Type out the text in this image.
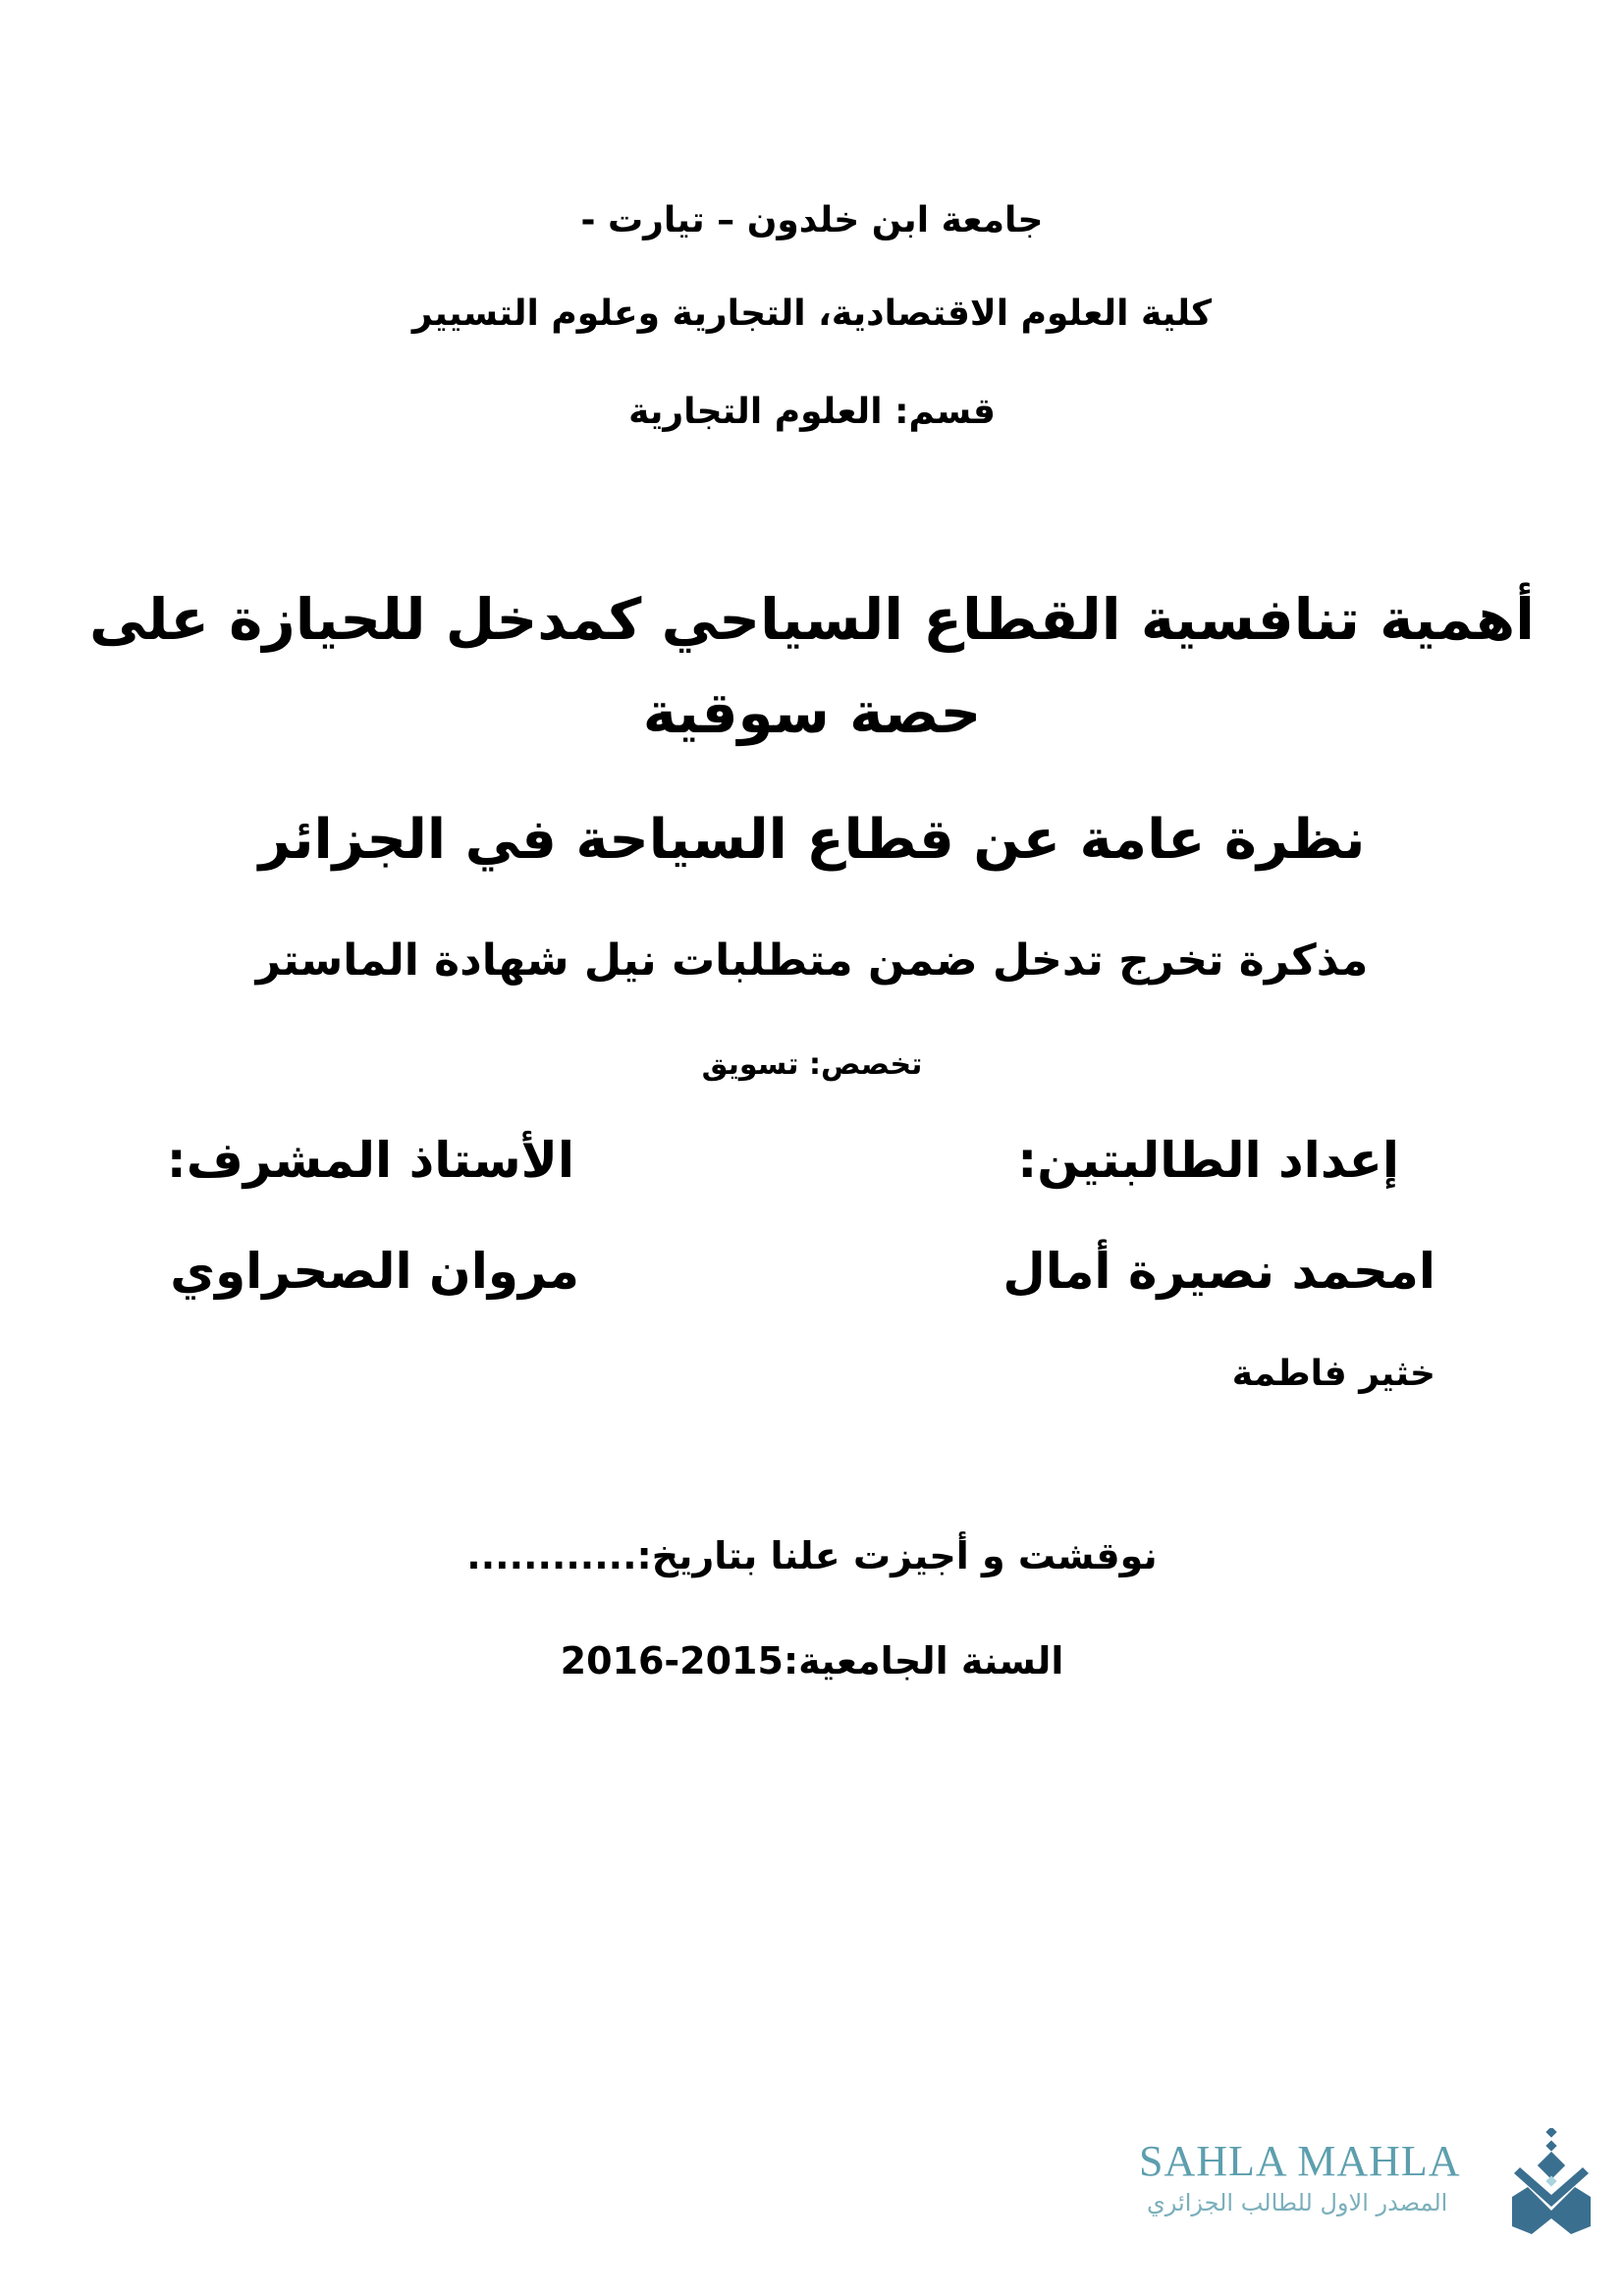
جامعة ابن خلدون – تيارت -
كلية العلوم الاقتصادية، التجارية وعلوم التسيير
قسم: العلوم التجارية
أهمية تنافسية القطاع السياحي كمدخل للحيازة على
حصة سوقية
نظرة عامة عن قطاع السياحة في الجزائر
مذكرة تخرج تدخل ضمن متطلبات نيل شهادة الماستر
تخصص: تسويق
إعداد الطالبتين:
الأستاذ المشرف:
امحمد نصيرة أمال
مروان الصحراوي
خثير فاطمة
نوقشت و أجيزت علنا بتاريخ:............
السنة الجامعية:2015-2016
SAHLA MAHLA
المصدر الاول للطالب الجزائري
